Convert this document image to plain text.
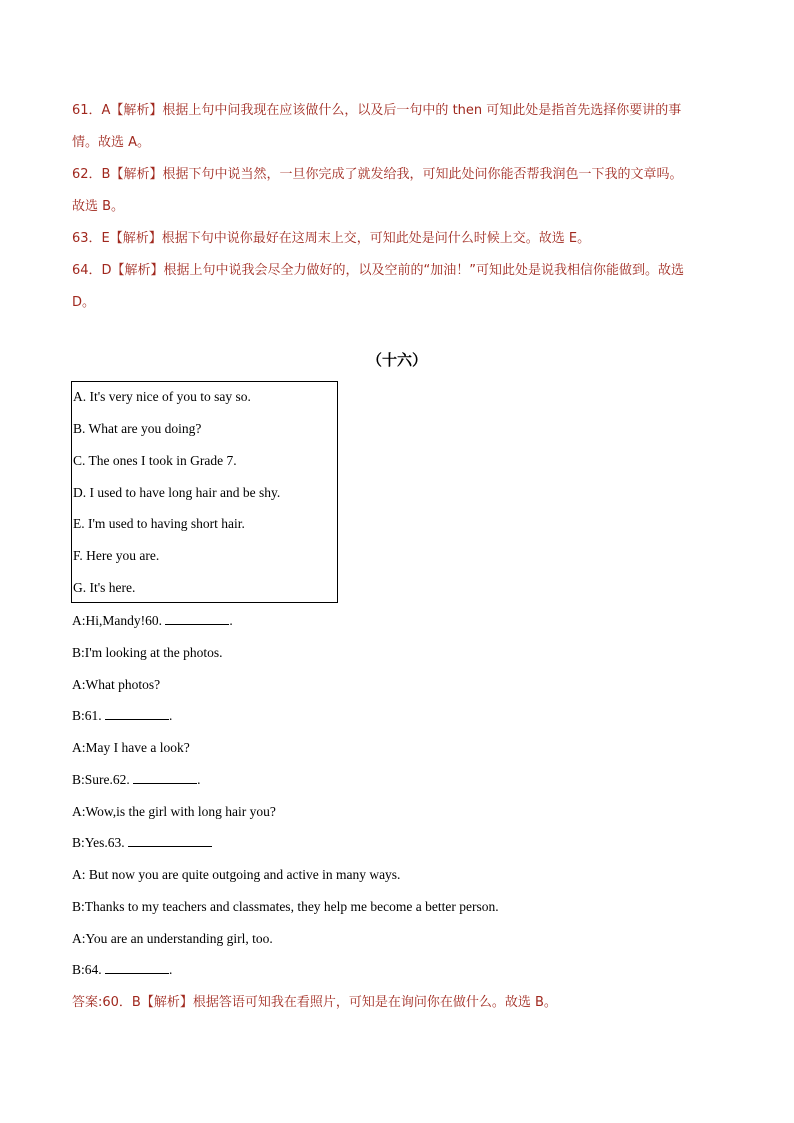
61．A【解析】根据上句中问我现在应该做什么，以及后一句中的 then 可知此处是指首先选择你要讲的事
情。故选 A。
62．B【解析】根据下句中说当然，一旦你完成了就发给我，可知此处问你能否帮我润色一下我的文章吗。
故选 B。
63．E【解析】根据下句中说你最好在这周末上交，可知此处是问什么时候上交。故选 E。
64．D【解析】根据上句中说我会尽全力做好的，以及空前的“加油！”可知此处是说我相信你能做到。故选
D。
（十六）
A. It's very nice of you to say so.
B. What are you doing?
C. The ones I took in Grade 7.
D. I used to have long hair and be shy.
E. I'm used to having short hair.
F. Here you are.
G. It's here.
A:Hi,Mandy!60.	.
B:I'm looking at the photos.
A:What photos?
B:61.	.
A:May I have a look?
B:Sure.62.	.
A:Wow,is the girl with long hair you?
B:Yes.63.
A: But now you are quite outgoing and active in many ways.
B:Thanks to my teachers and classmates, they help me become a better person.
A:You are an understanding girl, too.
B:64.	.
答案:60．B【解析】根据答语可知我在看照片，可知是在询问你在做什么。故选 B。
